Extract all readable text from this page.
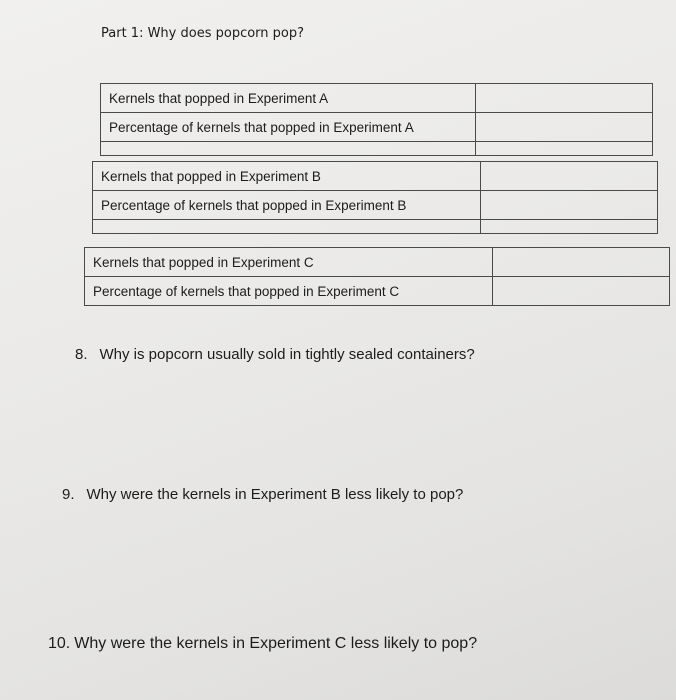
Part 1: Why does popcorn pop?
Kernels that popped in Experiment A	
Percentage of kernels that popped in Experiment A	

Kernels that popped in Experiment B	
Percentage of kernels that popped in Experiment B	

Kernels that popped in Experiment C	
Percentage of kernels that popped in Experiment C	
8. Why is popcorn usually sold in tightly sealed containers?
9. Why were the kernels in Experiment B less likely to pop?
10. Why were the kernels in Experiment C less likely to pop?
